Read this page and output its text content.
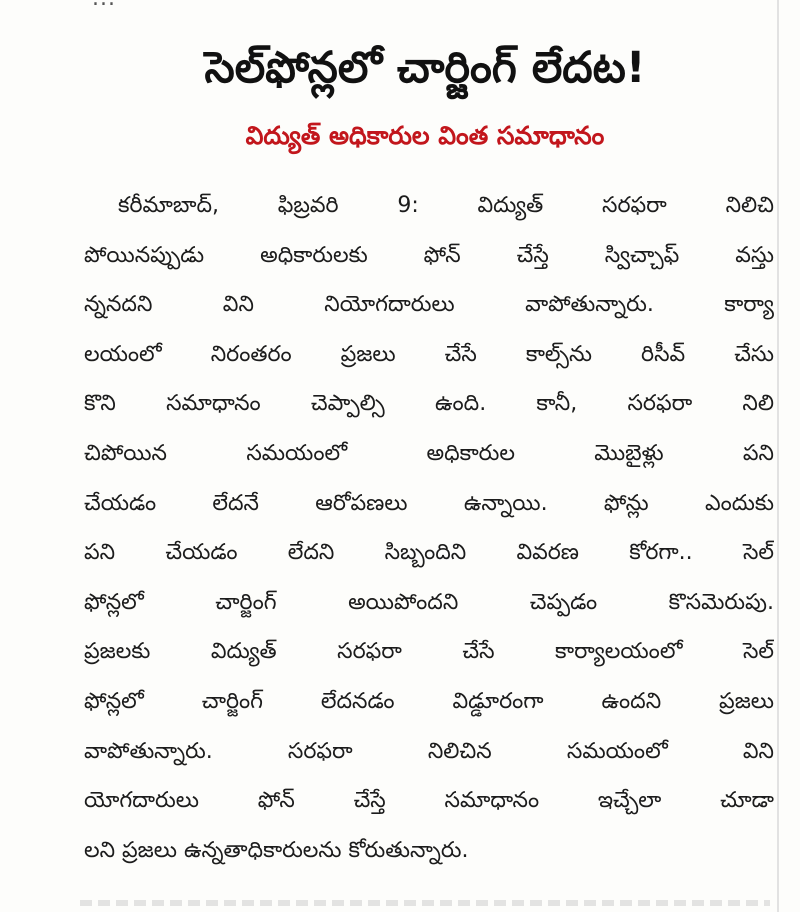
సెల్‌ఫోన్లలో చార్జింగ్‌ లేదట!
విద్యుత్‌ అధికారుల వింత సమాధానం
కరీమాబాద్‌, ఫిబ్రవరి 9: విద్యుత్‌ సరఫరా నిలిచి
పోయినప్పుడు అధికారులకు ఫోన్‌ చేస్తే స్విచ్చాఫ్‌ వస్తు
న్ననదని విని నియోగదారులు వాపోతున్నారు. కార్యా
లయంలో నిరంతరం ప్రజలు చేసే కాల్స్‌ను రిసీవ్‌ చేసు
కొని సమాధానం చెప్పాల్సి ఉంది. కానీ, సరఫరా నిలి
చిపోయిన సమయంలో అధికారుల మొబైళ్లు పని
చేయడం లేదనే ఆరోపణలు ఉన్నాయి. ఫోన్లు ఎందుకు
పని చేయడం లేదని సిబ్బందిని వివరణ కోరగా.. సెల్‌
ఫోన్లలో చార్జింగ్‌ అయిపోందని చెప్పడం కొసమెరుపు.
ప్రజలకు విద్యుత్‌ సరఫరా చేసే కార్యాలయంలో సెల్‌
ఫోన్లలో చార్జింగ్‌ లేదనడం విడ్డూరంగా ఉందని ప్రజలు
వాపోతున్నారు. సరఫరా నిలిచిన సమయంలో విని
యోగదారులు ఫోన్‌ చేస్తే సమాధానం ఇచ్చేలా చూడా
లని ప్రజలు ఉన్నతాధికారులను కోరుతున్నారు.
